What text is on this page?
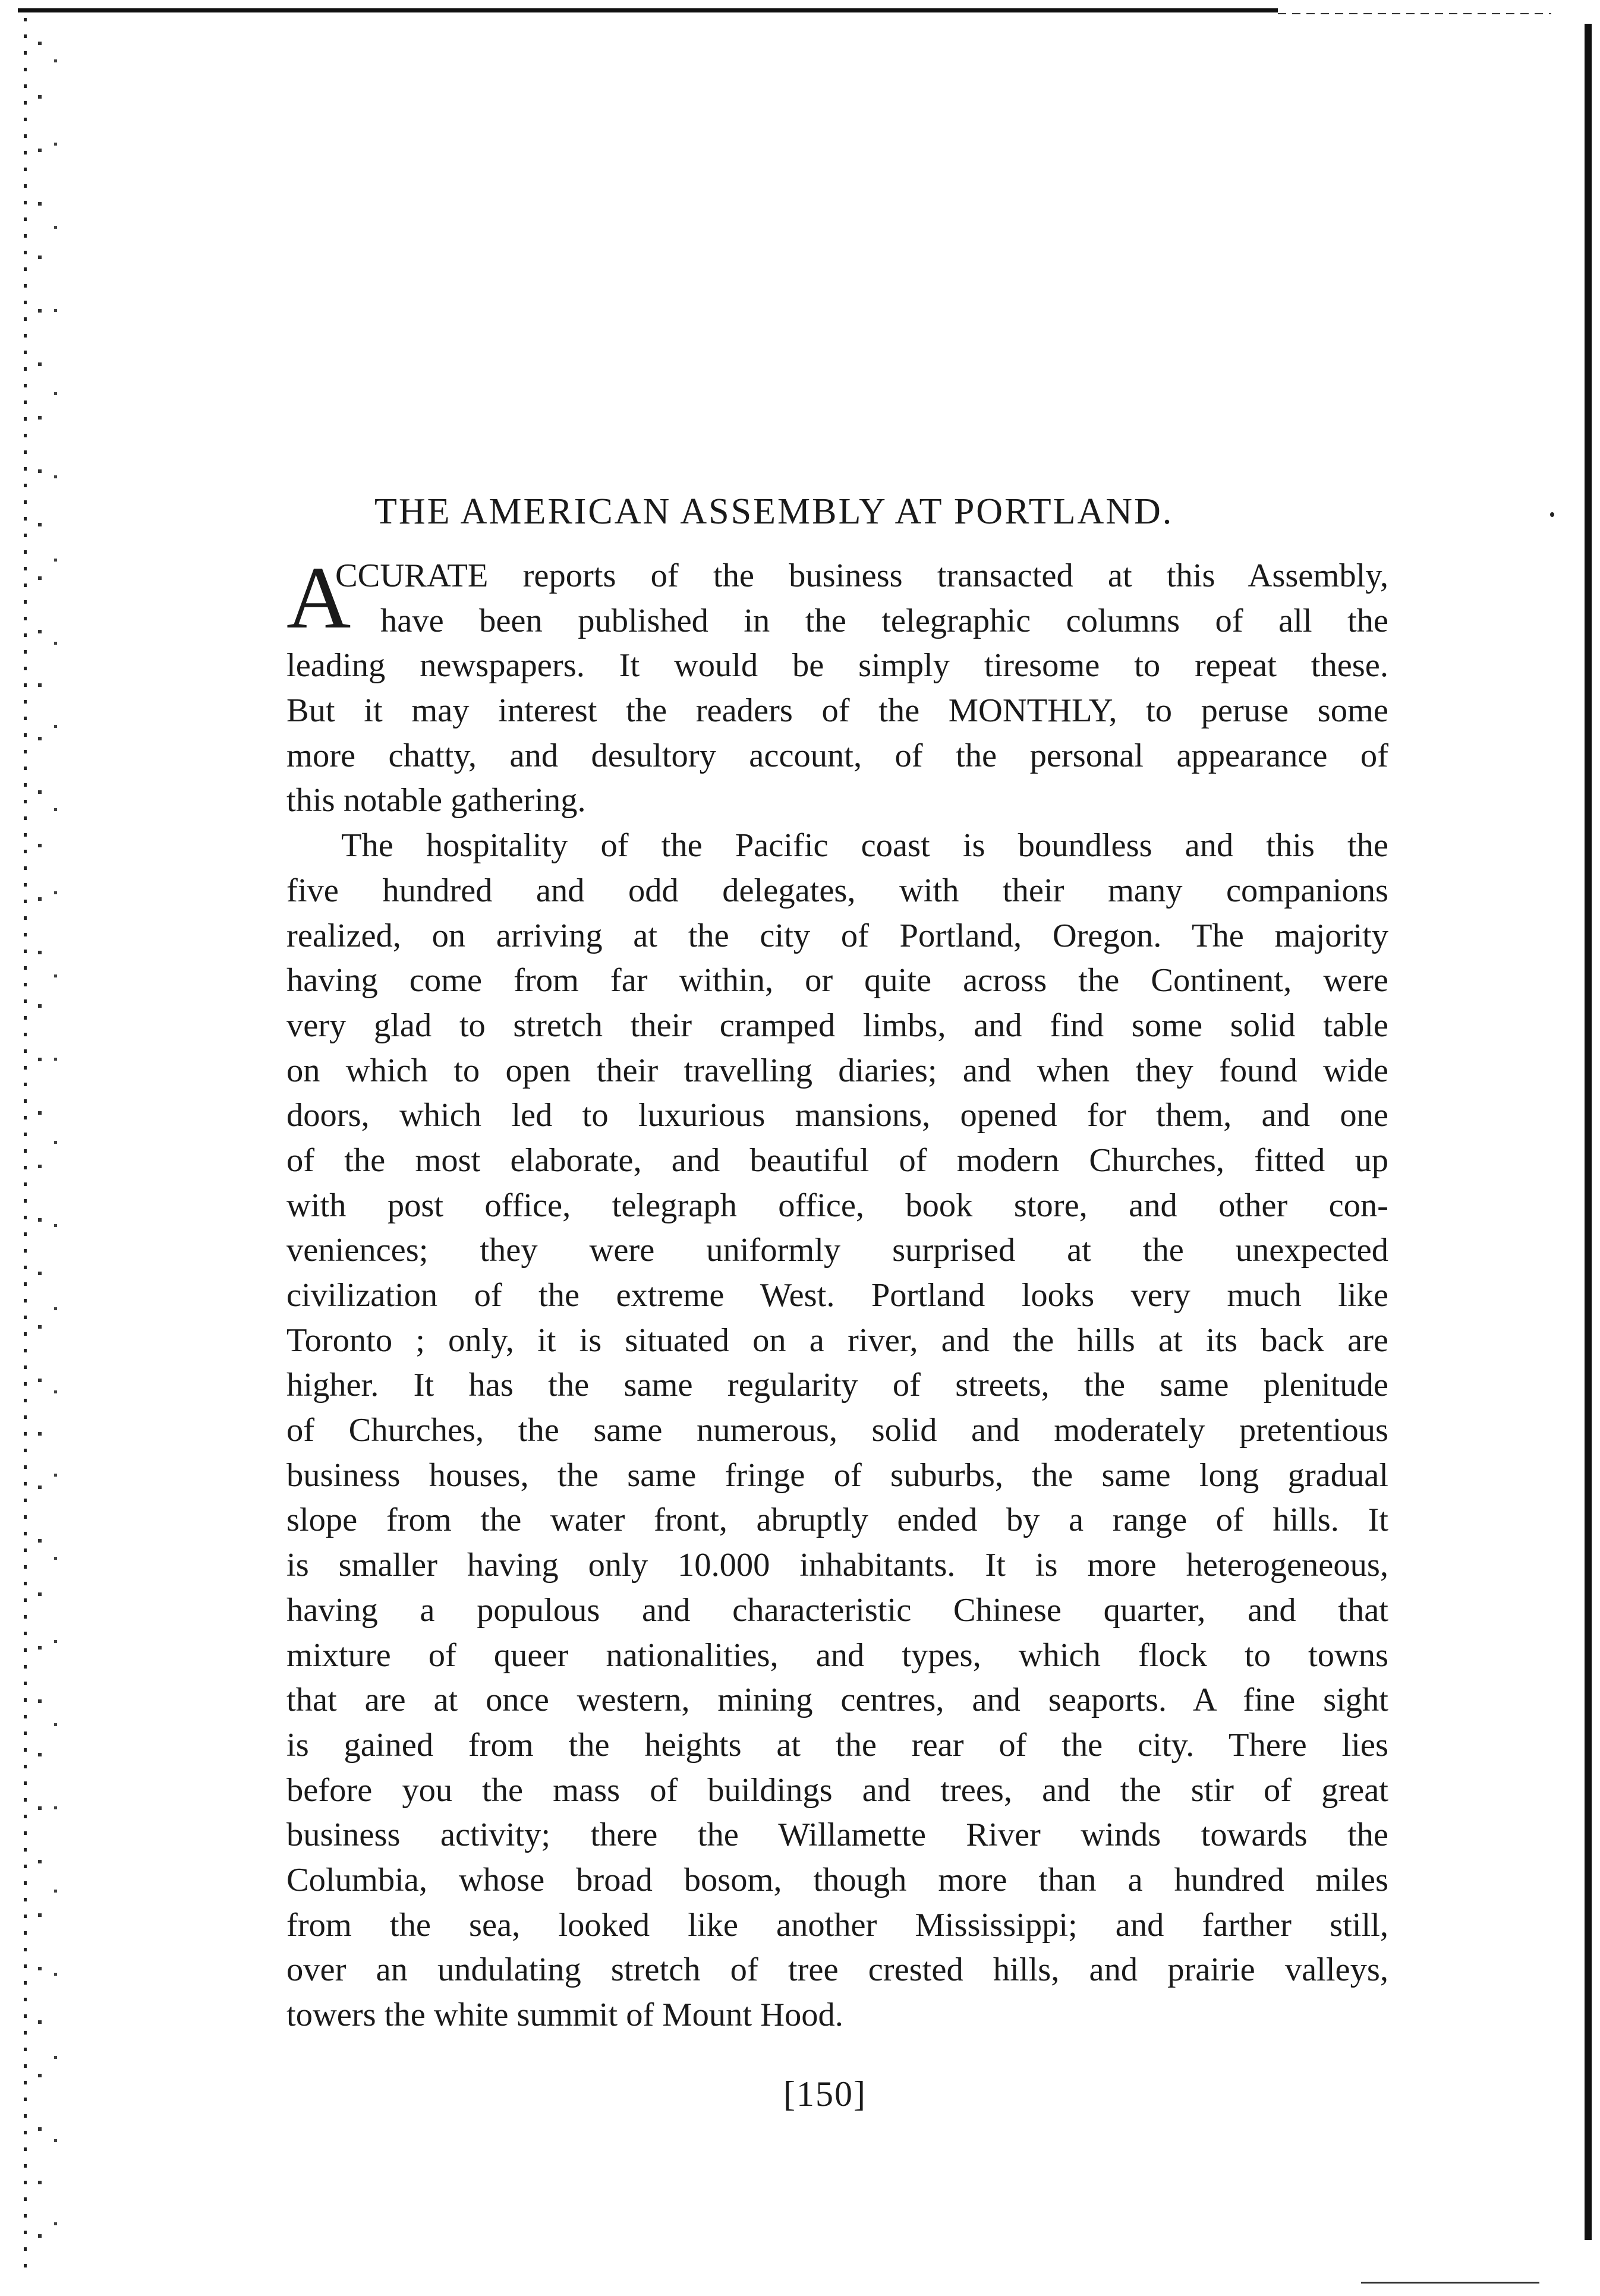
THE AMERICAN ASSEMBLY AT PORTLAND.
A
CCURATE reports of the business transacted at this Assembly,
have been published in the telegraphic columns of all the
leading newspapers. It would be simply tiresome to repeat these.
But it may interest the readers of the MONTHLY, to peruse some
more chatty, and desultory account, of the personal appearance of
this notable gathering.
The hospitality of the Pacific coast is boundless and this the
five hundred and odd delegates, with their many companions
realized, on arriving at the city of Portland, Oregon. The majority
having come from far within, or quite across the Continent, were
very glad to stretch their cramped limbs, and find some solid table
on which to open their travelling diaries; and when they found wide
doors, which led to luxurious mansions, opened for them, and one
of the most elaborate, and beautiful of modern Churches, fitted up
with post office, telegraph office, book store, and other con-
veniences; they were uniformly surprised at the unexpected
civilization of the extreme West. Portland looks very much like
Toronto ; only, it is situated on a river, and the hills at its back are
higher. It has the same regularity of streets, the same plenitude
of Churches, the same numerous, solid and moderately pretentious
business houses, the same fringe of suburbs, the same long gradual
slope from the water front, abruptly ended by a range of hills. It
is smaller having only 10.000 inhabitants. It is more heterogeneous,
having a populous and characteristic Chinese quarter, and that
mixture of queer nationalities, and types, which flock to towns
that are at once western, mining centres, and seaports. A fine sight
is gained from the heights at the rear of the city. There lies
before you the mass of buildings and trees, and the stir of great
business activity; there the Willamette River winds towards the
Columbia, whose broad bosom, though more than a hundred miles
from the sea, looked like another Mississippi; and farther still,
over an undulating stretch of tree crested hills, and prairie valleys,
towers the white summit of Mount Hood.
[150]
